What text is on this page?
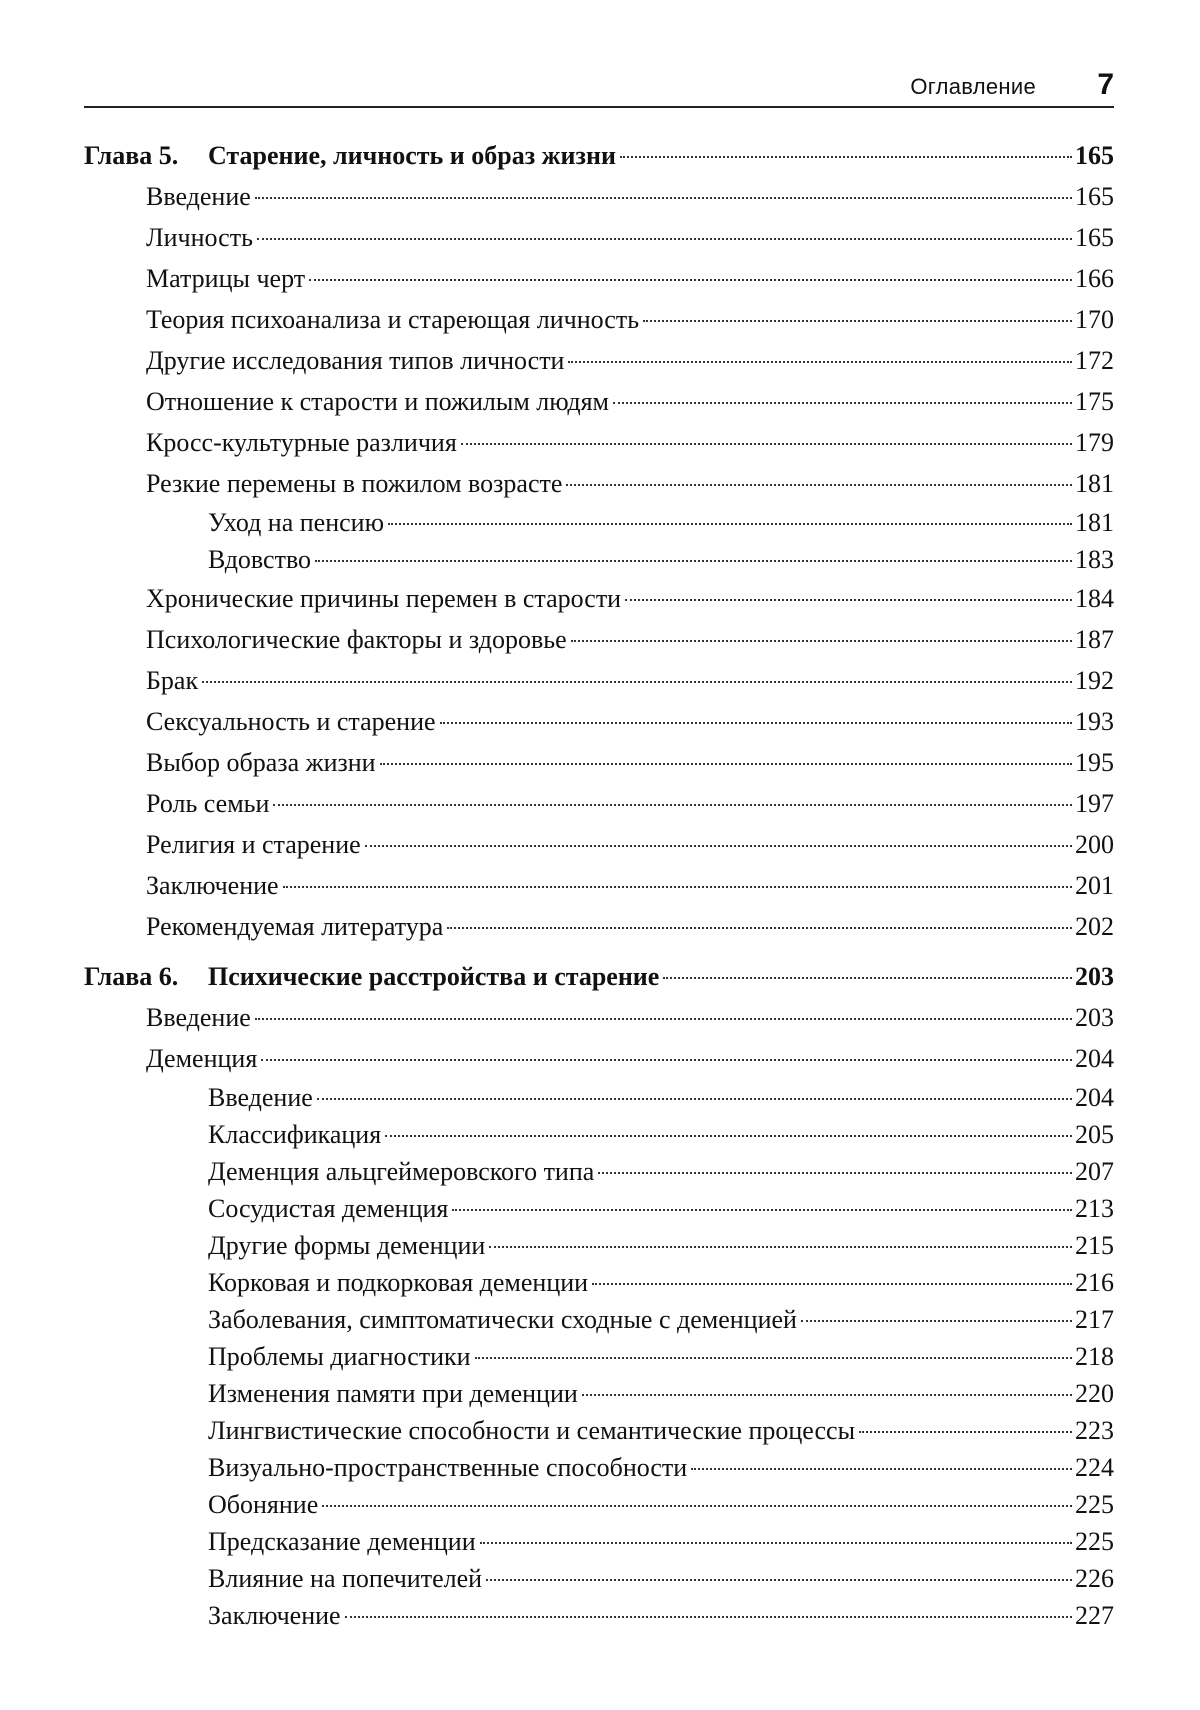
Оглавление 7
Глава 5.	Старение, личность и образ жизни	165
Введение	165
Личность	165
Матрицы черт	166
Теория психоанализа и стареющая личность	170
Другие исследования типов личности	172
Отношение к старости и пожилым людям	175
Кросс-культурные различия	179
Резкие перемены в пожилом возрасте	181
Уход на пенсию	181
Вдовство	183
Хронические причины перемен в старости	184
Психологические факторы и здоровье	187
Брак	192
Сексуальность и старение	193
Выбор образа жизни	195
Роль семьи	197
Религия и старение	200
Заключение	201
Рекомендуемая литература	202
Глава 6.	Психические расстройства и старение	203
Введение	203
Деменция	204
Введение	204
Классификация	205
Деменция альцгеймеровского типа	207
Сосудистая деменция	213
Другие формы деменции	215
Корковая и подкорковая деменции	216
Заболевания, симптоматически сходные с деменцией	217
Проблемы диагностики	218
Изменения памяти при деменции	220
Лингвистические способности и семантические процессы	223
Визуально-пространственные способности	224
Обоняние	225
Предсказание деменции	225
Влияние на попечителей	226
Заключение	227
